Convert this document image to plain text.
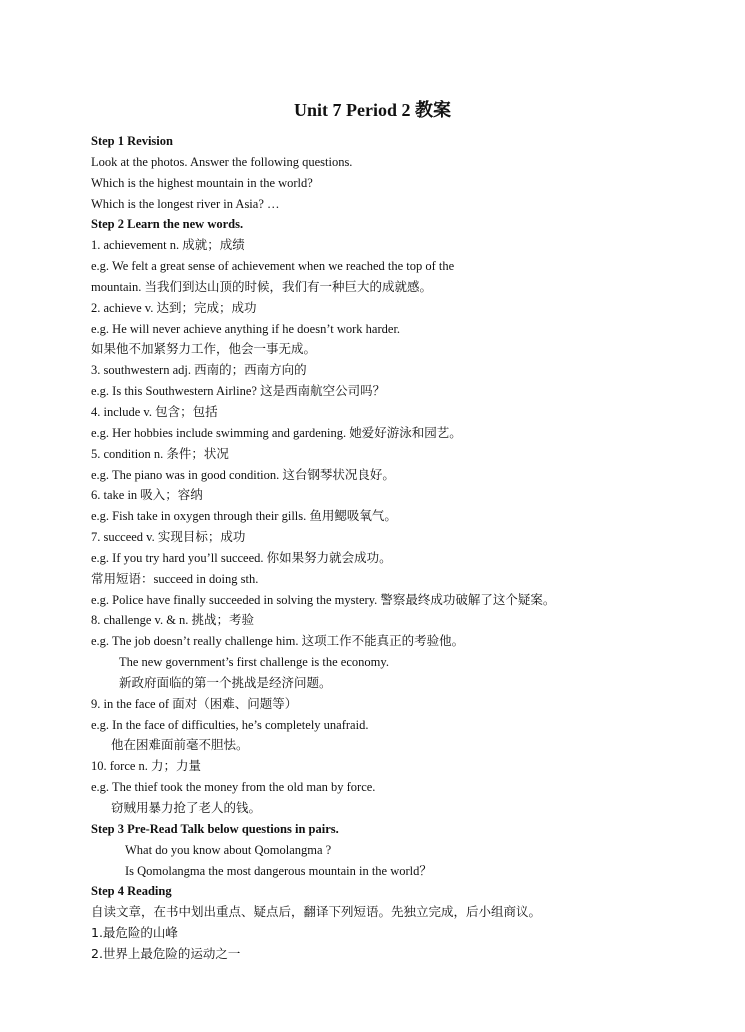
Unit 7 Period 2 教案
Step 1 Revision
Look at the photos. Answer the following questions.
Which is the highest mountain in the world?
Which is the longest river in Asia? …
Step 2 Learn the new words.
1. achievement n. 成就；成绩
e.g. We felt a great sense of achievement when we reached the top of the
mountain. 当我们到达山顶的时候，我们有一种巨大的成就感。
2. achieve v. 达到；完成；成功
e.g. He will never achieve anything if he doesn’t work harder.
如果他不加紧努力工作，他会一事无成。
3. southwestern adj. 西南的；西南方向的
e.g. Is this Southwestern Airline? 这是西南航空公司吗？
4. include v. 包含；包括
e.g. Her hobbies include swimming and gardening. 她爱好游泳和园艺。
5. condition n. 条件；状况
e.g. The piano was in good condition. 这台钢琴状况良好。
6. take in 吸入；容纳
e.g. Fish take in oxygen through their gills. 鱼用鳃吸氧气。
7. succeed v. 实现目标；成功
e.g. If you try hard you’ll succeed. 你如果努力就会成功。
常用短语：succeed in doing sth.
e.g. Police have finally succeeded in solving the mystery. 警察最终成功破解了这个疑案。
8. challenge v. & n. 挑战；考验
e.g. The job doesn’t really challenge him. 这项工作不能真正的考验他。
The new government’s first challenge is the economy.
新政府面临的第一个挑战是经济问题。
9. in the face of 面对（困难、问题等）
e.g. In the face of difficulties, he’s completely unafraid.
他在困难面前毫不胆怯。
10. force n. 力；力量
e.g. The thief took the money from the old man by force.
窃贼用暴力抢了老人的钱。
Step 3 Pre-Read Talk below questions in pairs.
What do you know about Qomolangma ?
Is Qomolangma the most dangerous mountain in the world？
Step 4 Reading
自读文章，在书中划出重点、疑点后，翻译下列短语。先独立完成，后小组商议。
1.最危险的山峰
2.世界上最危险的运动之一
